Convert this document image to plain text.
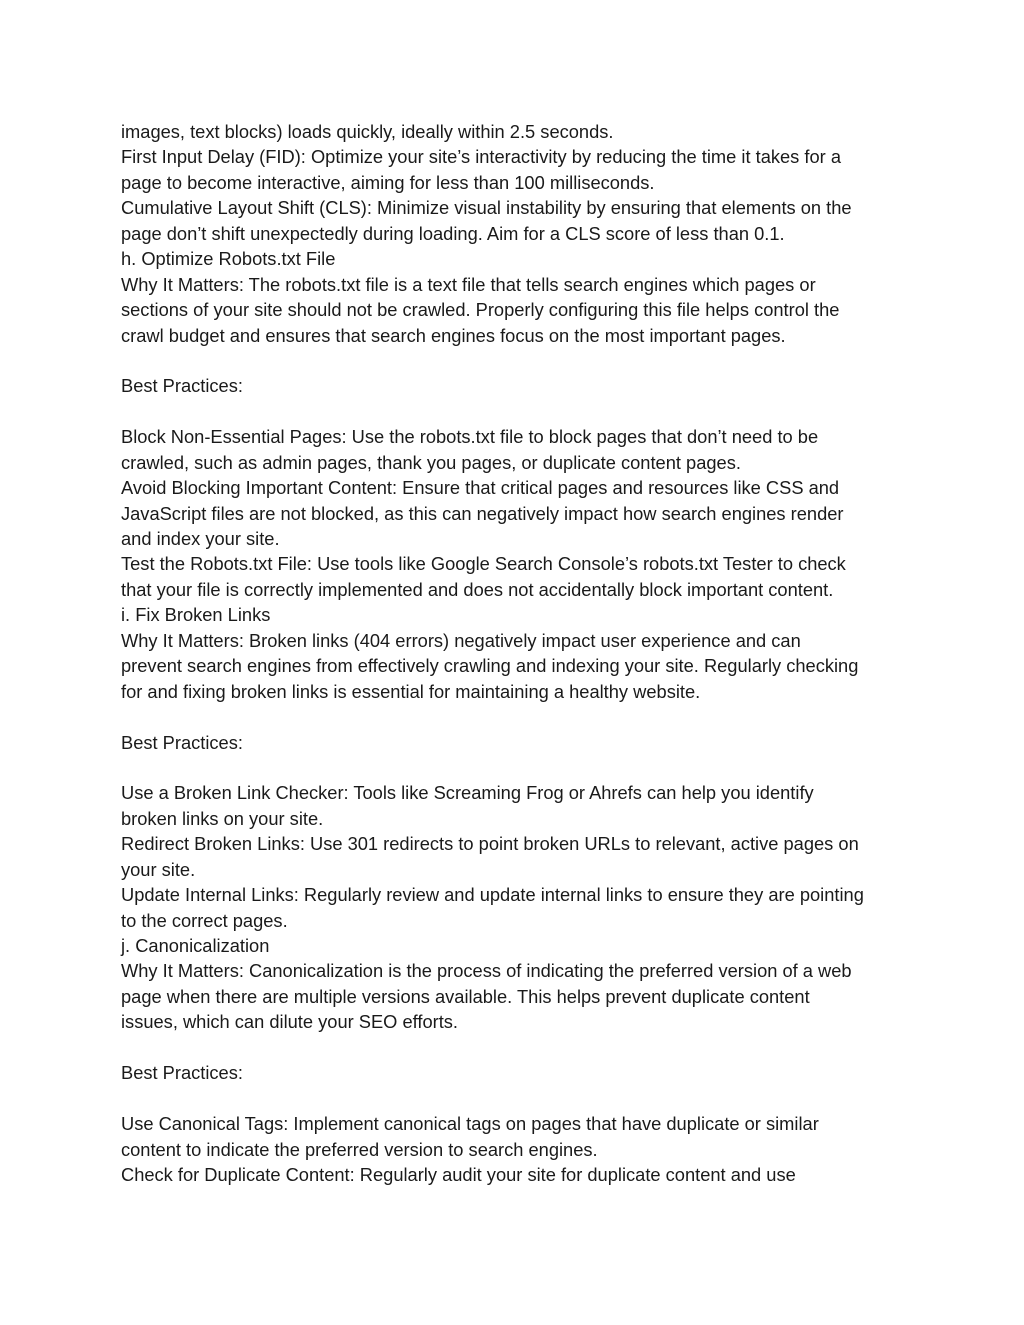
images, text blocks) loads quickly, ideally within 2.5 seconds.
First Input Delay (FID): Optimize your site’s interactivity by reducing the time it takes for a
page to become interactive, aiming for less than 100 milliseconds.
Cumulative Layout Shift (CLS): Minimize visual instability by ensuring that elements on the
page don’t shift unexpectedly during loading. Aim for a CLS score of less than 0.1.
h. Optimize Robots.txt File
Why It Matters: The robots.txt file is a text file that tells search engines which pages or
sections of your site should not be crawled. Properly configuring this file helps control the
crawl budget and ensures that search engines focus on the most important pages.
Best Practices:
Block Non-Essential Pages: Use the robots.txt file to block pages that don’t need to be
crawled, such as admin pages, thank you pages, or duplicate content pages.
Avoid Blocking Important Content: Ensure that critical pages and resources like CSS and
JavaScript files are not blocked, as this can negatively impact how search engines render
and index your site.
Test the Robots.txt File: Use tools like Google Search Console’s robots.txt Tester to check
that your file is correctly implemented and does not accidentally block important content.
i. Fix Broken Links
Why It Matters: Broken links (404 errors) negatively impact user experience and can
prevent search engines from effectively crawling and indexing your site. Regularly checking
for and fixing broken links is essential for maintaining a healthy website.
Best Practices:
Use a Broken Link Checker: Tools like Screaming Frog or Ahrefs can help you identify
broken links on your site.
Redirect Broken Links: Use 301 redirects to point broken URLs to relevant, active pages on
your site.
Update Internal Links: Regularly review and update internal links to ensure they are pointing
to the correct pages.
j. Canonicalization
Why It Matters: Canonicalization is the process of indicating the preferred version of a web
page when there are multiple versions available. This helps prevent duplicate content
issues, which can dilute your SEO efforts.
Best Practices:
Use Canonical Tags: Implement canonical tags on pages that have duplicate or similar
content to indicate the preferred version to search engines.
Check for Duplicate Content: Regularly audit your site for duplicate content and use
